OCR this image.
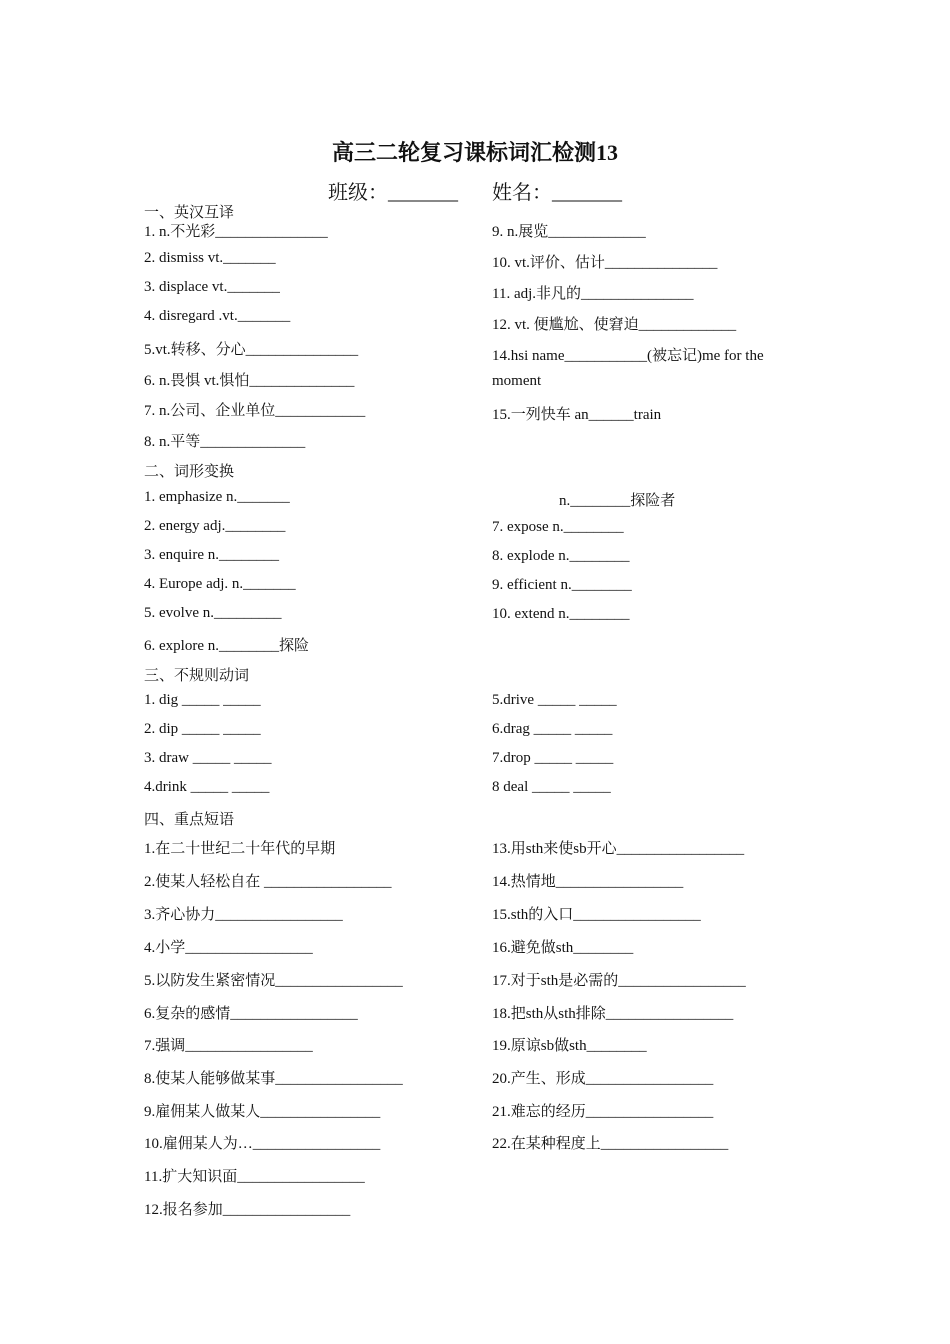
高三二轮复习课标词汇检测13
班级：_______ 姓名：_______
一、英汉互译
1. n.不光彩_______________
2. dismiss vt._______
3. displace vt._______
4. disregard .vt._______
5.vt.转移、分心_______________
6. n.畏惧 vt.惧怕______________
7. n.公司、企业单位____________
8. n.平等______________
9. n.展览_____________
10. vt.评价、估计_______________
11. adj.非凡的_______________
12. vt. 便尴尬、使窘迫_____________
14.hsi name___________(被忘记)me for the
moment
15.一列快车 an______train
二、词形变换
1. emphasize n._______
2. energy adj.________
3. enquire n.________
4. Europe adj. n._______
5. evolve n._________
6. explore n.________探险
n.________探险者
7. expose n.________
8. explode n.________
9. efficient n.________
10. extend n.________
三、不规则动词
1. dig _____ _____
2. dip _____ _____
3. draw _____ _____
4.drink _____ _____
5.drive _____ _____
6.drag _____ _____
7.drop _____ _____
8 deal _____ _____
四、重点短语
1.在二十世纪二十年代的早期
2.使某人轻松自在 _________________
3.齐心协力_________________
4.小学_________________
5.以防发生紧密情况_________________
6.复杂的感情_________________
7.强调_________________
8.使某人能够做某事_________________
9.雇佣某人做某人________________
10.雇佣某人为…_________________
11.扩大知识面_________________
12.报名参加_________________
13.用sth来使sb开心_________________
14.热情地_________________
15.sth的入口_________________
16.避免做sth________
17.对于sth是必需的_________________
18.把sth从sth排除_________________
19.原谅sb做sth________
20.产生、形成_________________
21.难忘的经历_________________
22.在某种程度上_________________
